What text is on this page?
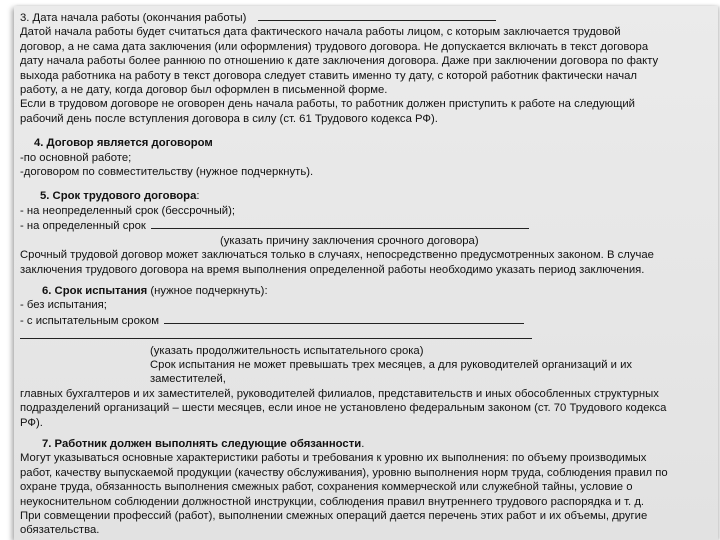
3. Дата начала работы (окончания работы)

Датой начала работы будет считаться дата фактического начала работы лицом, с которым заключается трудовой

договор, а не сама дата заключения (или оформления) трудового договора. Не допускается включать в текст договора

дату начала работы более раннюю по отношению к дате заключения договора. Даже при заключении договора по факту

выхода работника на работу в текст договора следует ставить именно ту дату, с которой работник фактически начал

работу, а не дату, когда договор был оформлен в письменной форме.

Если в трудовом договоре не оговорен день начала работы, то работник должен приступить к работе на следующий

рабочий день после вступления договора в силу (ст. 61 Трудового кодекса РФ).

4. Договор является договором

-по основной работе;

-договором по совместительству (нужное подчеркнуть).

5. Срок трудового договора:

- на неопределенный срок (бессрочный);

- на определенный срок

(указать причину заключения срочного договора)

Срочный трудовой договор может заключаться только в случаях, непосредственно предусмотренных законом. В случае

заключения трудового договора на время выполнения определенной работы необходимо указать период заключения.

6. Срок испытания (нужное подчеркнуть):

- без испытания;

- с испытательным сроком

(указать продолжительность испытательного срока)

Срок испытания не может превышать трех месяцев, а для руководителей организаций и их заместителей,

главных бухгалтеров и их заместителей, руководителей филиалов, представительств и иных обособленных структурных

подразделений организаций – шести месяцев, если иное не установлено федеральным законом (ст. 70 Трудового кодекса

РФ).

7. Работник должен выполнять следующие обязанности.

Могут указываться основные характеристики работы и требования к уровню их выполнения: по объему производимых

работ, качеству выпускаемой продукции (качеству обслуживания), уровню выполнения норм труда, соблюдения правил по

охране труда, обязанность выполнения смежных работ, сохранения коммерческой или служебной тайны, условие о

неукоснительном соблюдении должностной инструкции, соблюдения правил внутреннего трудового распорядка и т. д.

При совмещении профессий (работ), выполнении смежных операций дается перечень этих работ и их объемы, другие

обязательства.
